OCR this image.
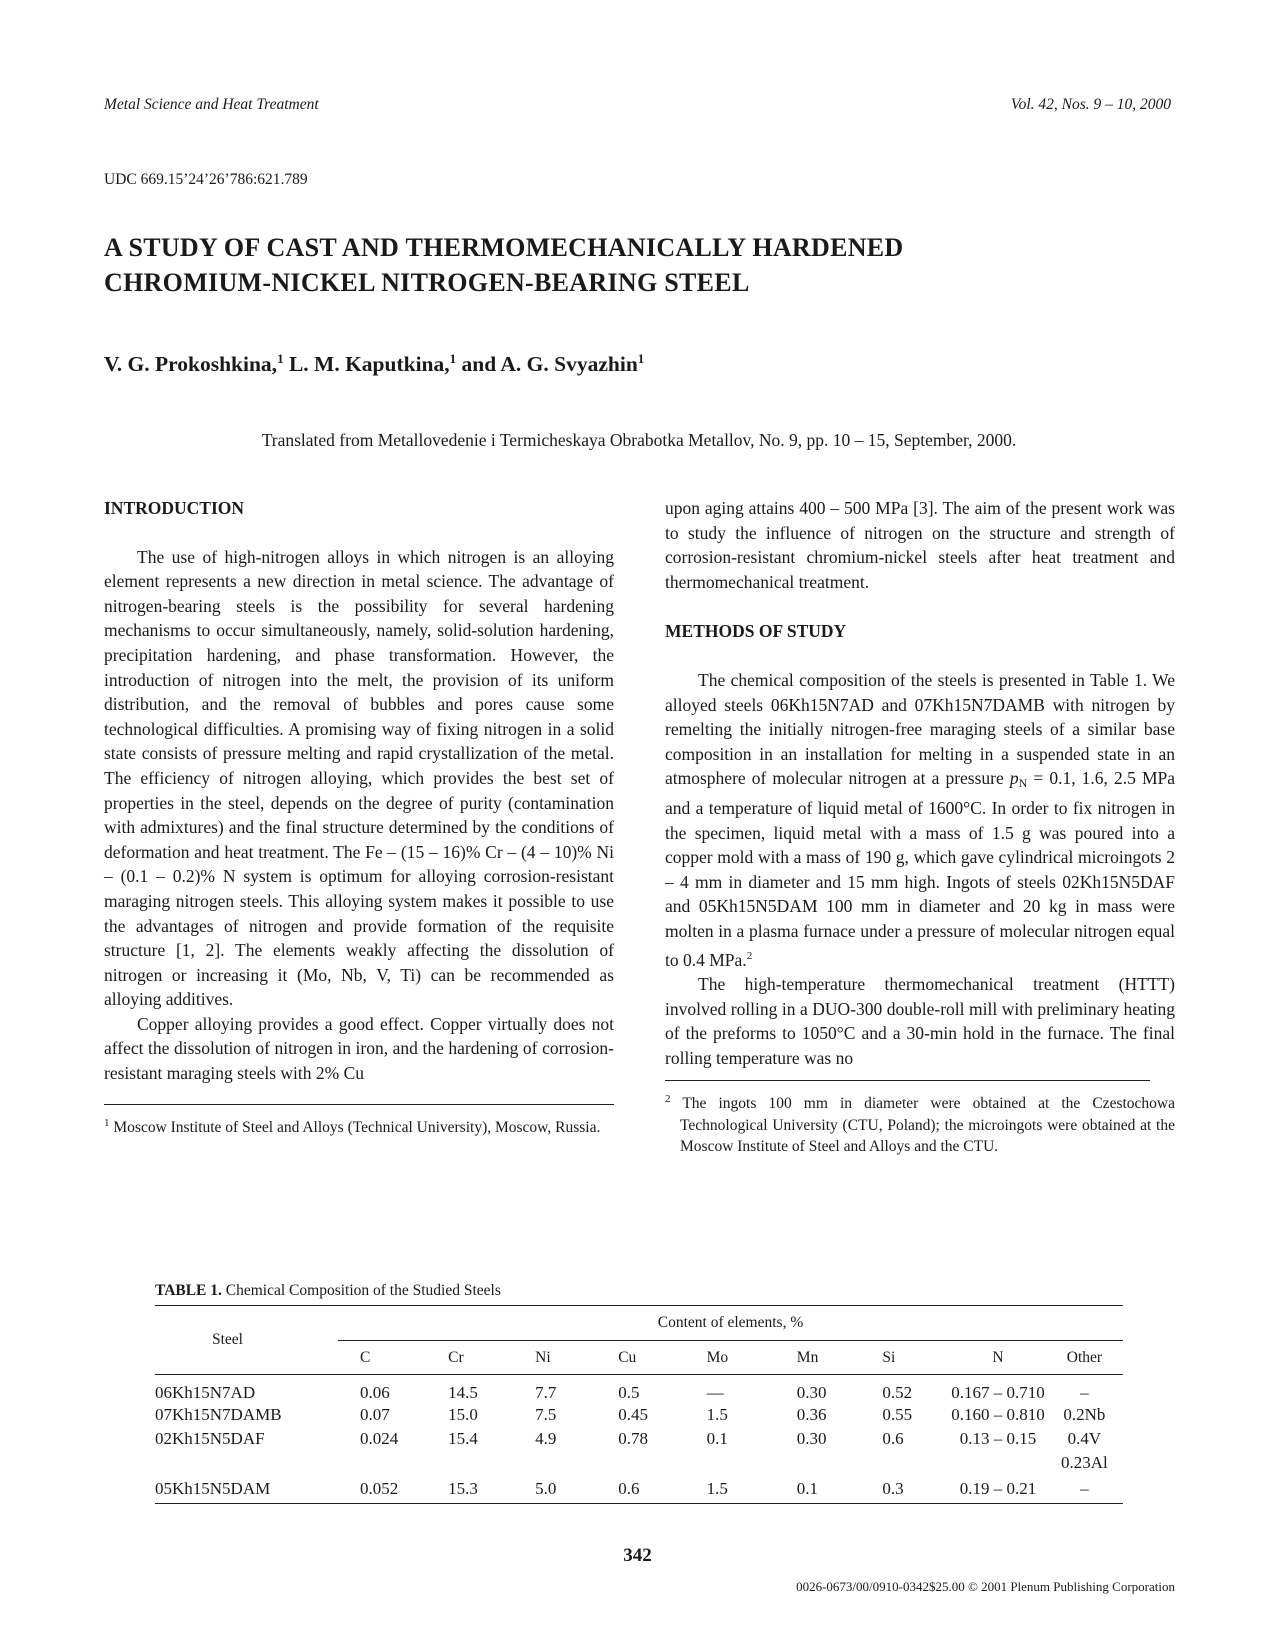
Metal Science and Heat Treatment	Vol. 42, Nos. 9 – 10, 2000
UDC 669.15’24’26’786:621.789
A STUDY OF CAST AND THERMOMECHANICALLY HARDENED
CHROMIUM-NICKEL NITROGEN-BEARING STEEL
V. G. Prokoshkina,$^1$ L. M. Kaputkina,$^1$ and A. G. Svyazhin$^1$
Translated from Metallovedenie i Termicheskaya Obrabotka Metallov, No. 9, pp. 10 – 15, September, 2000.
INTRODUCTION

The use of high-nitrogen alloys in which nitrogen is an alloying element represents a new direction in metal science. The advantage of nitrogen-bearing steels is the possibility for several hardening mechanisms to occur simultaneously, namely, solid-solution hardening, precipitation hardening, and phase transformation. However, the introduction of nitrogen into the melt, the provision of its uniform distribution, and the removal of bubbles and pores cause some technological difficulties. A promising way of fixing nitrogen in a solid state consists of pressure melting and rapid crystallization of the metal. The efficiency of nitrogen alloying, which provides the best set of properties in the steel, depends on the degree of purity (contamination with admixtures) and the final structure determined by the conditions of deformation and heat treatment. The Fe – (15 – 16)% Cr – (4 – 10)% Ni – (0.1 – 0.2)% N system is optimum for alloying corrosion-resistant maraging nitrogen steels. This alloying system makes it possible to use the advantages of nitrogen and provide formation of the requisite structure [1, 2]. The elements weakly affecting the dissolution of nitrogen or increasing it (Mo, Nb, V, Ti) can be recommended as alloying additives.

Copper alloying provides a good effect. Copper virtually does not affect the dissolution of nitrogen in iron, and the hardening of corrosion-resistant maraging steels with 2% Cu

$^1$ Moscow Institute of Steel and Alloys (Technical University), Moscow, Russia.

upon aging attains 400 – 500 MPa [3]. The aim of the present work was to study the influence of nitrogen on the structure and strength of corrosion-resistant chromium-nickel steels after heat treatment and thermomechanical treatment.

METHODS OF STUDY

The chemical composition of the steels is presented in Table 1. We alloyed steels 06Kh15N7AD and 07Kh15N7DAMB with nitrogen by remelting the initially nitrogen-free maraging steels of a similar base composition in an installation for melting in a suspended state in an atmosphere of molecular nitrogen at a pressure $p_N = 0.1$, 1.6, 2.5 MPa and a temperature of liquid metal of 1600°C. In order to fix nitrogen in the specimen, liquid metal with a mass of 1.5 g was poured into a copper mold with a mass of 190 g, which gave cylindrical microingots 2 – 4 mm in diameter and 15 mm high. Ingots of steels 02Kh15N5DAF and 05Kh15N5DAM 100 mm in diameter and 20 kg in mass were molten in a plasma furnace under a pressure of molecular nitrogen equal to 0.4 MPa.$^2$

The high-temperature thermomechanical treatment (HTTT) involved rolling in a DUO-300 double-roll mill with preliminary heating of the preforms to 1050°C and a 30-min hold in the furnace. The final rolling temperature was no

$^2$ The ingots 100 mm in diameter were obtained at the Czestochowa Technological University (CTU, Poland); the microingots were obtained at the Moscow Institute of Steel and Alloys and the CTU.
TABLE 1. Chemical Composition of the Studied Steels
Steel	Content of elements, %								
	C	Cr	Ni	Cu	Mo	Mn	Si	N	Other
06Kh15N7AD	0.06	14.5	7.7	0.5	—	0.30	0.52	0.167 – 0.710	–
07Kh15N7DAMB	0.07	15.0	7.5	0.45	1.5	0.36	0.55	0.160 – 0.810	0.2Nb
02Kh15N5DAF	0.024	15.4	4.9	0.78	0.1	0.30	0.6	0.13 – 0.15	0.4V
									0.23Al
05Kh15N5DAM	0.052	15.3	5.0	0.6	1.5	0.1	0.3	0.19 – 0.21	–

342
0026-0673/00/0910-0342$25.00 © 2001 Plenum Publishing Corporation
